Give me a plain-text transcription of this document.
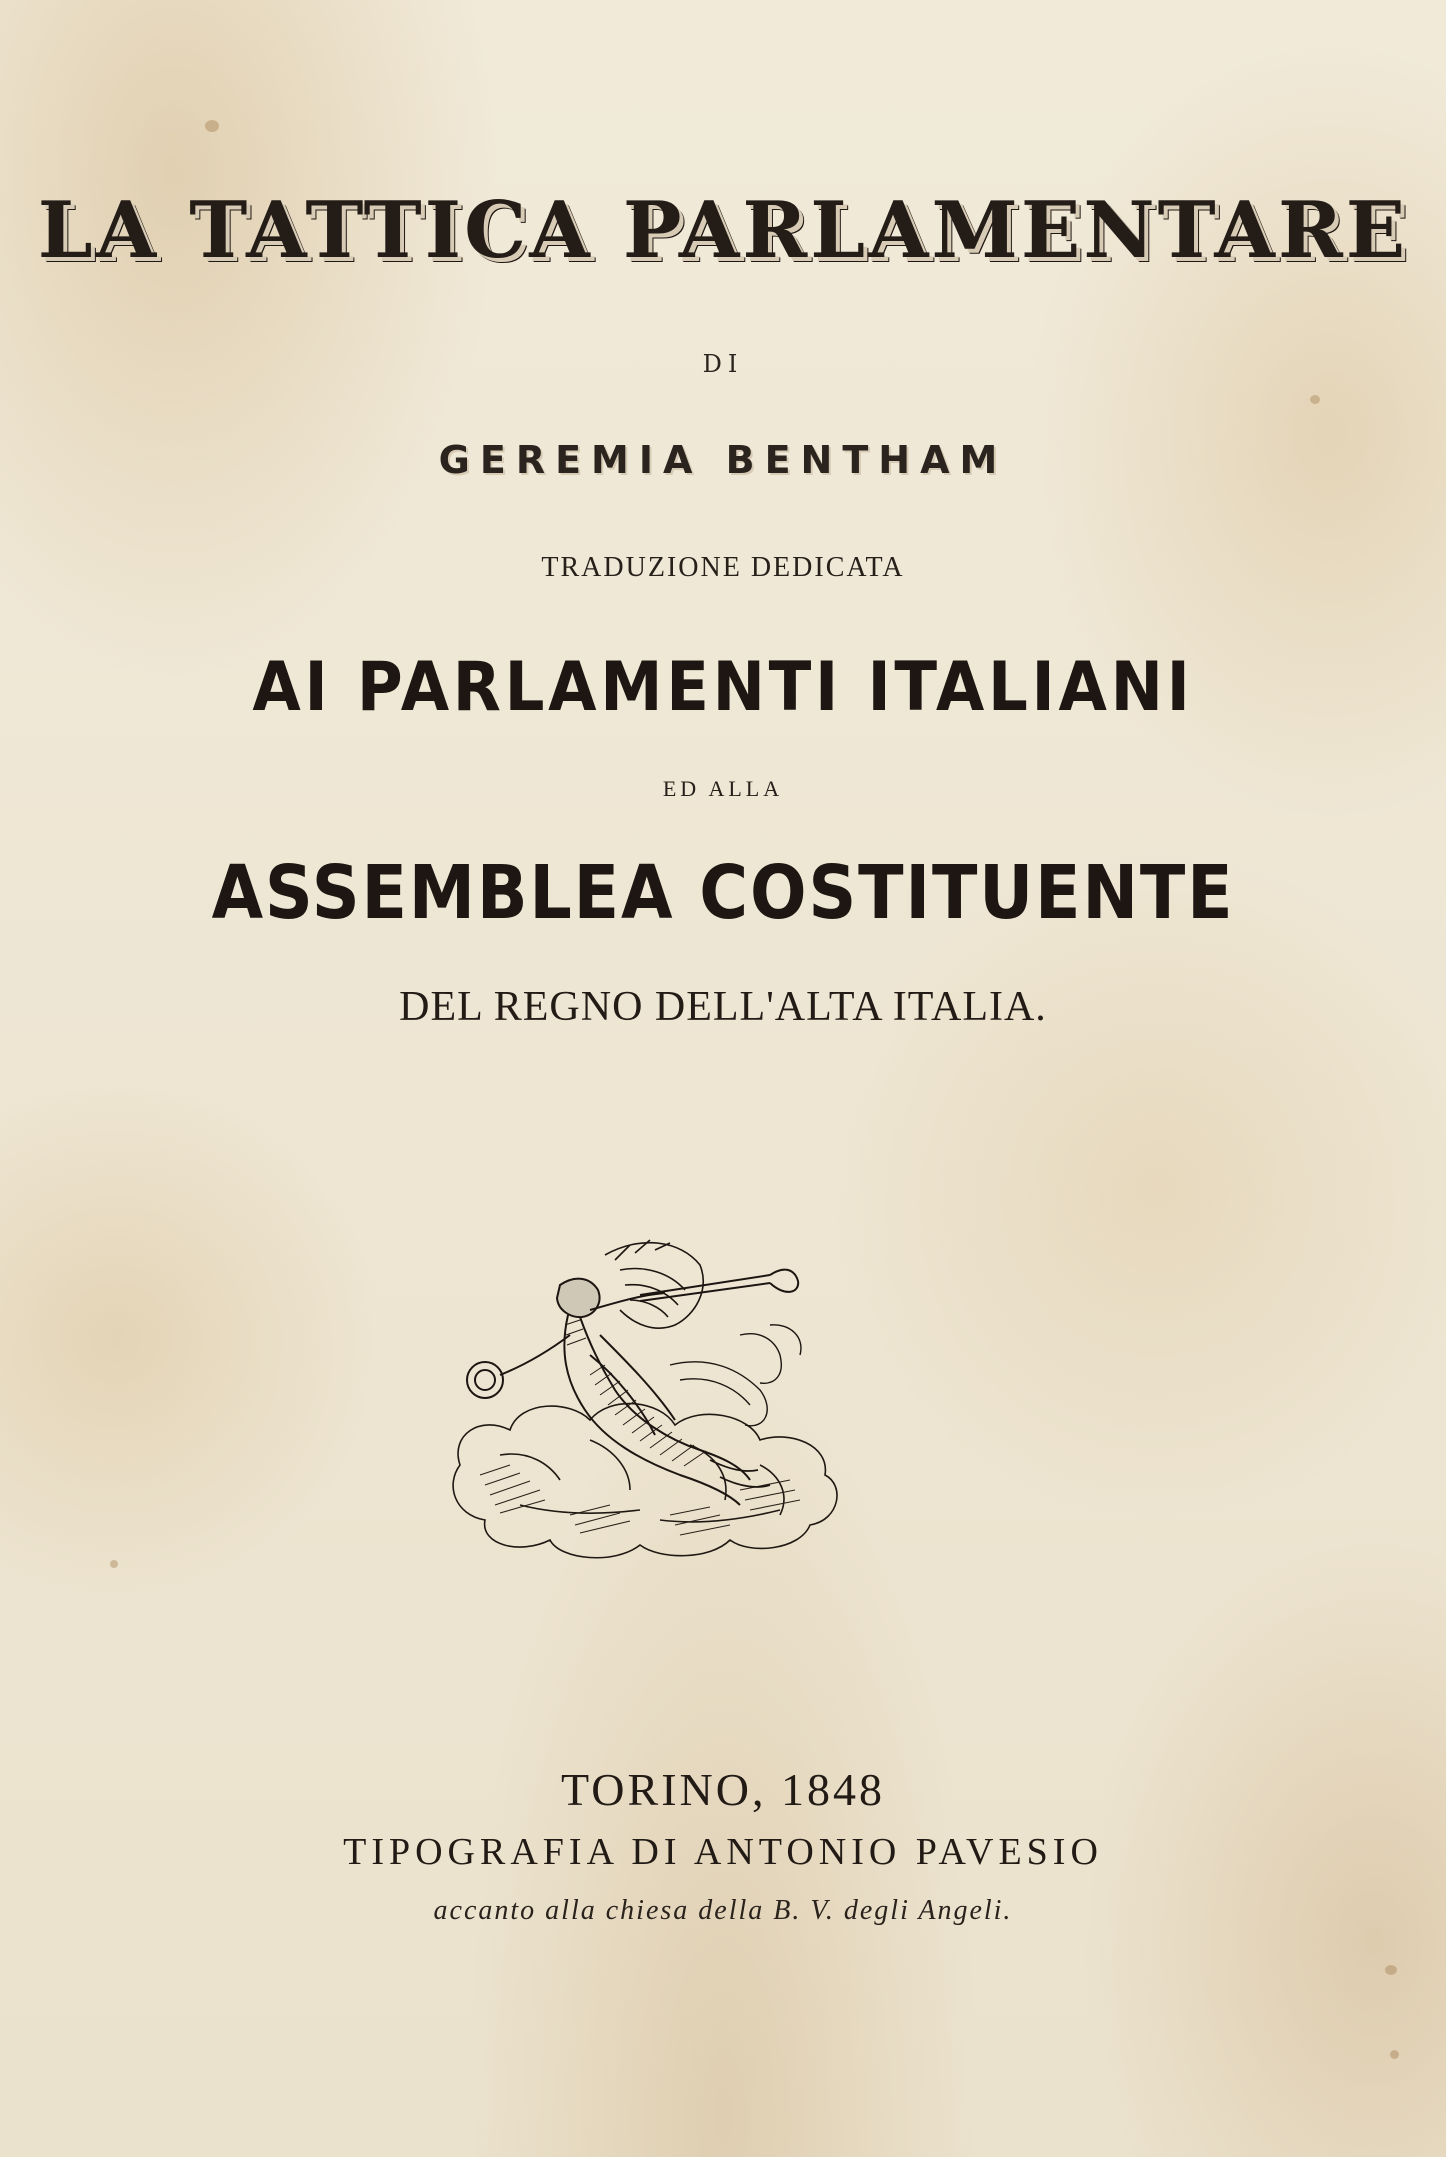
LA TATTICA PARLAMENTARE
DI
GEREMIA BENTHAM
TRADUZIONE DEDICATA
AI PARLAMENTI ITALIANI
ED ALLA
ASSEMBLEA COSTITUENTE
DEL REGNO DELL'ALTA ITALIA.
TORINO, 1848
TIPOGRAFIA DI ANTONIO PAVESIO
accanto alla chiesa della B. V. degli Angeli.
